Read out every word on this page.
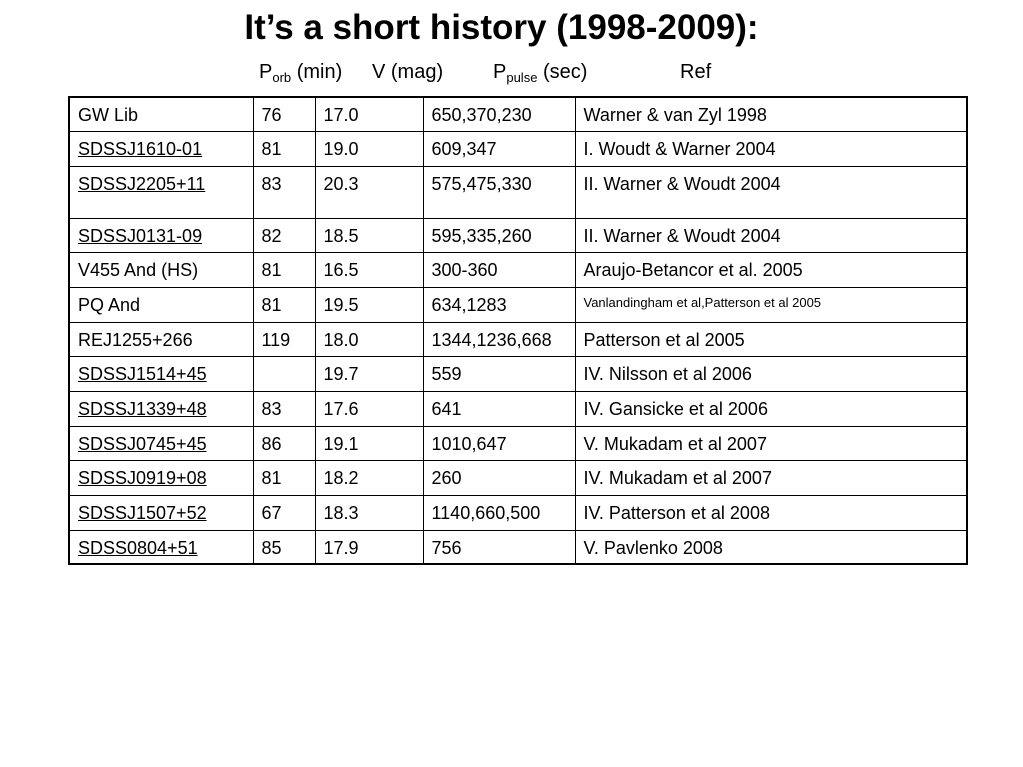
It’s a short history (1998-2009):
$P_{orb}$ (min) V (mag) $P_{pulse}$ (sec)	Ref
GW Lib	76	17.0	650,370,230	Warner & van Zyl 1998
SDSSJ1610-01	81	19.0	609,347	I. Woudt & Warner 2004
SDSSJ2205+11	83	20.3	575,475,330	II. Warner & Woudt 2004
SDSSJ0131-09	82	18.5	595,335,260	II. Warner & Woudt 2004
V455 And (HS)	81	16.5	300-360	Araujo-Betancor et al. 2005
PQ And	81	19.5	634,1283	Vanlandingham et al,Patterson et al 2005
REJ1255+266	119	18.0	1344,1236,668	Patterson et al 2005
SDSSJ1514+45		19.7	559	IV. Nilsson et al 2006
SDSSJ1339+48	83	17.6	641	IV. Gansicke et al 2006
SDSSJ0745+45	86	19.1	1010,647	V. Mukadam et al 2007
SDSSJ0919+08	81	18.2	260	IV. Mukadam et al 2007
SDSSJ1507+52	67	18.3	1140,660,500	IV. Patterson et al 2008
SDSS0804+51	85	17.9	756	V. Pavlenko 2008
